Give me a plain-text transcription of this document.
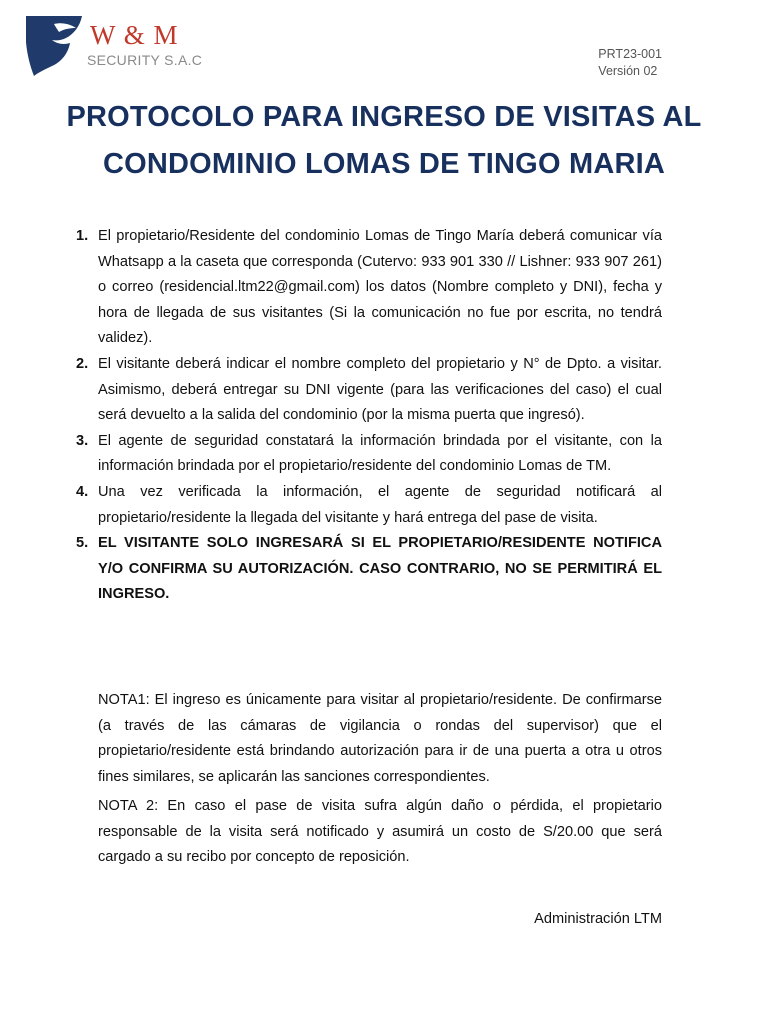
W & M
SECURITY S.A.C	PRT23-001
Versión 02
PROTOCOLO PARA INGRESO DE VISITAS AL
CONDOMINIO LOMAS DE TINGO MARIA
1. El propietario/Residente del condominio Lomas de Tingo María deberá comunicar vía Whatsapp a la caseta que corresponda (Cutervo: 933 901 330 // Lishner: 933 907 261) o correo (residencial.ltm22@gmail.com) los datos (Nombre completo y DNI), fecha y hora de llegada de sus visitantes (Si la comunicación no fue por escrita, no tendrá validez).
2. El visitante deberá indicar el nombre completo del propietario y N° de Dpto. a visitar. Asimismo, deberá entregar su DNI vigente (para las verificaciones del caso) el cual será devuelto a la salida del condominio (por la misma puerta que ingresó).
3. El agente de seguridad constatará la información brindada por el visitante, con la información brindada por el propietario/residente del condominio Lomas de TM.
4. Una vez verificada la información, el agente de seguridad notificará al propietario/residente la llegada del visitante y hará entrega del pase de visita.
5. EL VISITANTE SOLO INGRESARÁ SI EL PROPIETARIO/RESIDENTE NOTIFICA Y/O CONFIRMA SU AUTORIZACIÓN. CASO CONTRARIO, NO SE PERMITIRÁ EL INGRESO.
NOTA1: El ingreso es únicamente para visitar al propietario/residente. De confirmarse (a través de las cámaras de vigilancia o rondas del supervisor) que el propietario/residente está brindando autorización para ir de una puerta a otra u otros fines similares, se aplicarán las sanciones correspondientes.
NOTA 2: En caso el pase de visita sufra algún daño o pérdida, el propietario responsable de la visita será notificado y asumirá un costo de S/20.00 que será cargado a su recibo por concepto de reposición.
Administración LTM
